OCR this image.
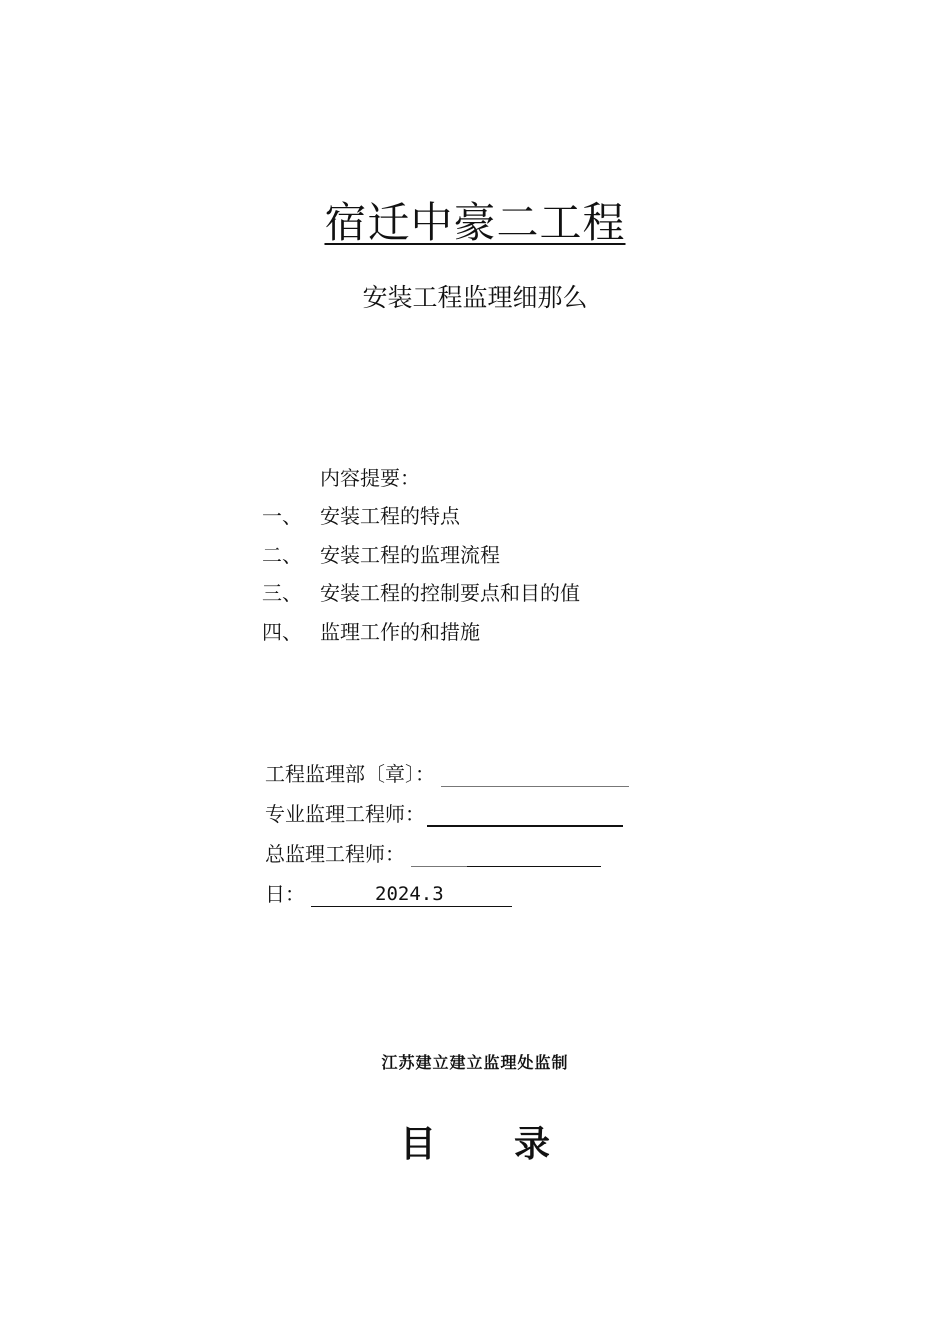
宿迁中豪二工程
安装工程监理细那么
内容提要：
一、 安装工程的特点
二、 安装工程的监理流程
三、 安装工程的控制要点和目的值
四、 监理工作的和措施
工程监理部〔章〕：
专业监理工程师：
总监理工程师：
日：	2024.3
江苏建立建立监理处监制
目 录
